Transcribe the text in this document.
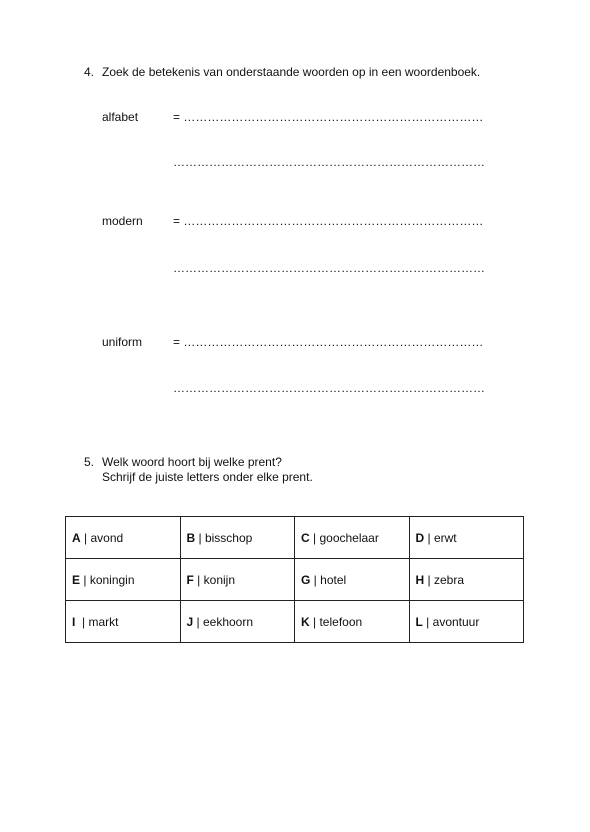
4. Zoek de betekenis van onderstaande woorden op in een woordenboek.
alfabet	= …………………………………………………………………
……………………………………………………………………
modern	= …………………………………………………………………
……………………………………………………………………
uniform	= …………………………………………………………………
……………………………………………………………………
5. Welk woord hoort bij welke prent?
Schrijf de juiste letters onder elke prent.
A | avond	B | bisschop	C | goochelaar	D | erwt
E | koningin	F | konijn	G | hotel	H | zebra
I  | markt	J | eekhoorn	K | telefoon	L | avontuur
